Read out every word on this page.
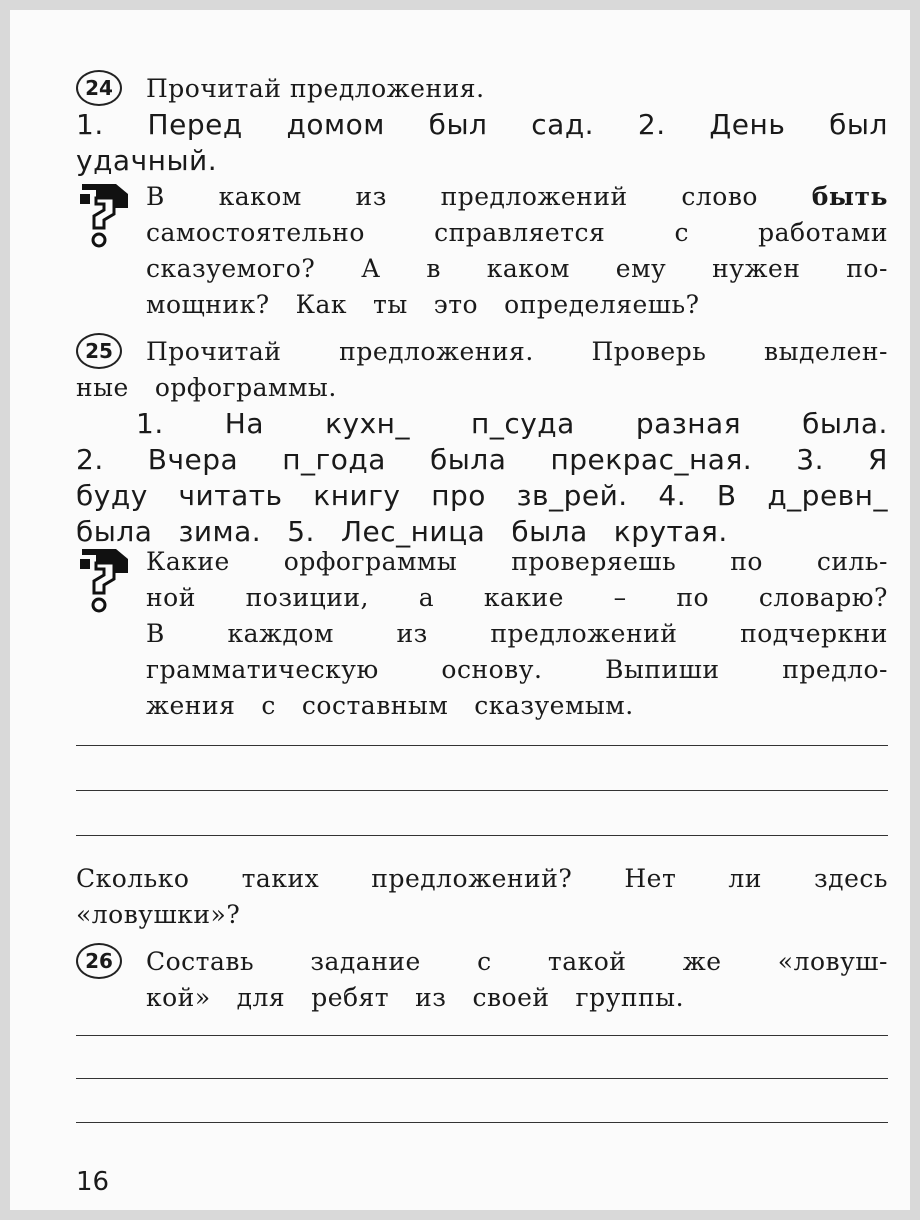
24	Прочитай предложения.
1. Перед домом был сад. 2. День был
удачный.
В каком из предложений слово быть
самостоятельно	справляется	с	работами
сказуемого? А в каком ему нужен по-
мощник? Как ты это определяешь?
25	Прочитай предложения. Проверь выделен-
ные орфограммы.
1. На кухн_ п_суда разная была.
2. Вчера п_года была прекрас_ная. 3. Я
буду читать книгу про зв_рей. 4. В д_ревн_
была зима. 5. Лес_ница была крутая.
Какие орфограммы проверяешь по силь-
ной позиции, а какие – по словарю?
В	каждом	из	предложений	подчеркни
грамматическую	основу.	Выпиши	предло-
жения с составным сказуемым.
Сколько таких предложений? Нет ли здесь
«ловушки»?
26	Составь задание с такой же «ловуш-
кой» для ребят из своей группы.
16
